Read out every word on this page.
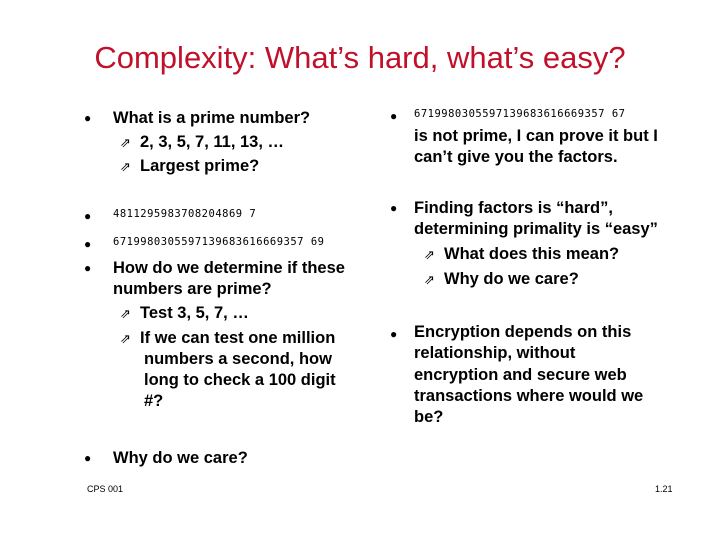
Complexity: What’s hard, what’s easy?
● What is a prime number?
⇗ 2, 3, 5, 7, 11, 13, …
⇗ Largest prime?
● 4811295983708204869 7
● 6719980305597139683616669357 69
● How do we determine if these
numbers are prime?
⇗ Test 3, 5, 7, …
⇗ If we can test one million
numbers a second, how
long to check a 100 digit
#?
● Why do we care?
● 6719980305597139683616669357 67
is not prime, I can prove it but I
can’t give you the factors.
● Finding factors is “hard”,
determining primality is “easy”
⇗ What does this mean?
⇗ Why do we care?
● Encryption depends on this
relationship, without
encryption and secure web
transactions where would we
be?
CPS 001	1.21
